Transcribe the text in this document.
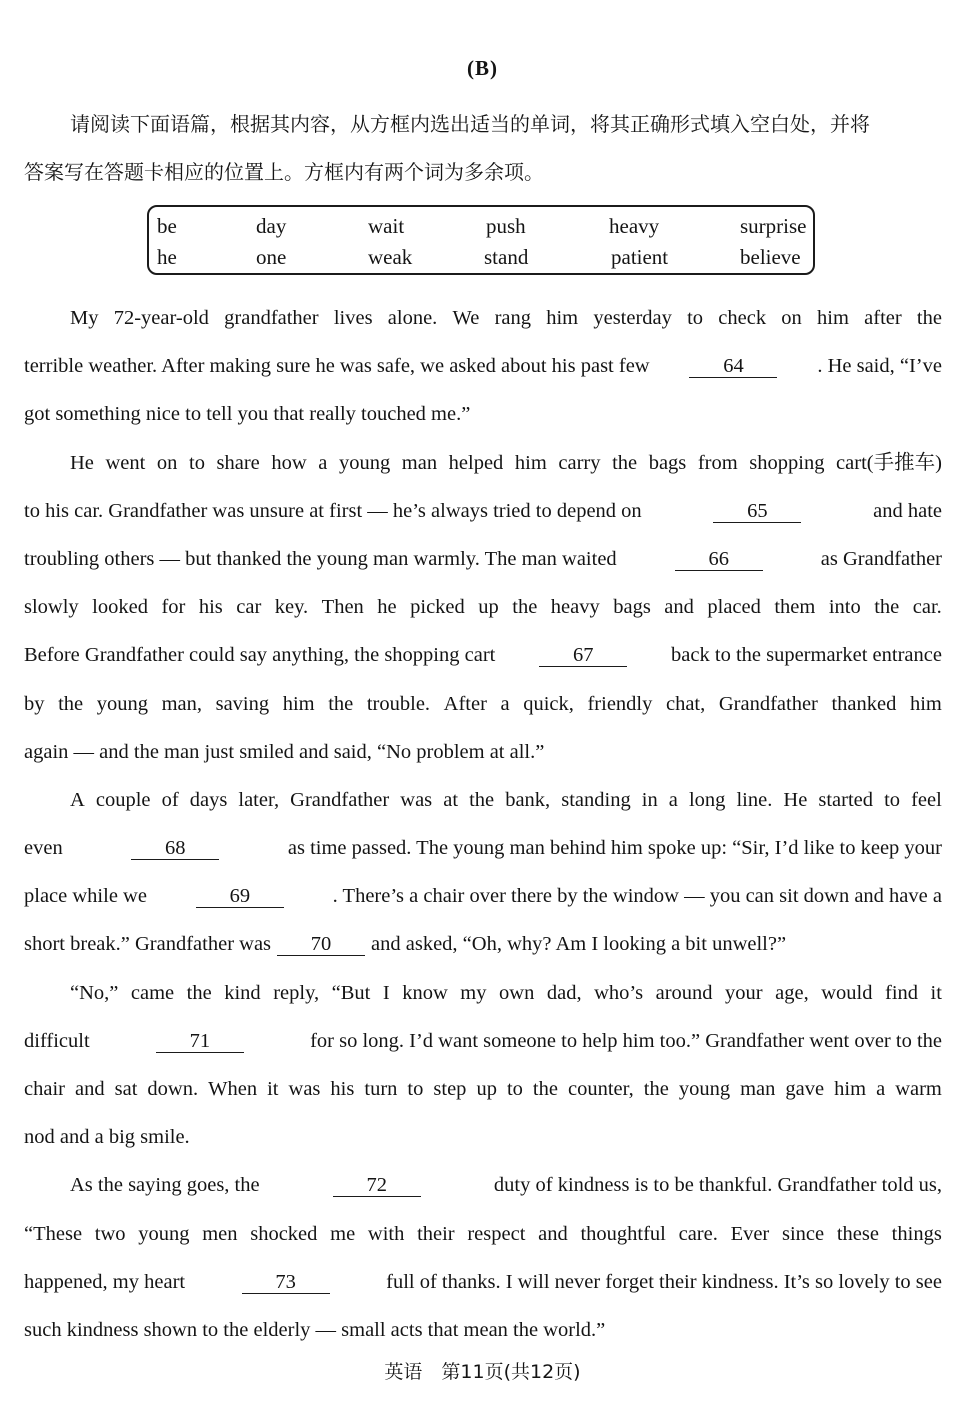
(B)
请阅读下面语篇，根据其内容，从方框内选出适当的单词，将其正确形式填入空白处，并将
答案写在答题卡相应的位置上。方框内有两个词为多余项。
be	day	wait	push	heavy	surprise
he	one	weak	stand	patient	believe
My 72-year-old grandfather lives alone. We rang him yesterday to check on him after the
terrible weather. After making sure he was safe, we asked about his past few	64	. He said, “I’ve
got something nice to tell you that really touched me.”
He went on to share how a young man helped him carry the bags from shopping cart(手推车)
to his car. Grandfather was unsure at first — he’s always tried to depend on	65	and hate
troubling others — but thanked the young man warmly. The man waited	66	as Grandfather
slowly looked for his car key. Then he picked up the heavy bags and placed them into the car.
Before Grandfather could say anything, the shopping cart	67	back to the supermarket entrance
by the young man, saving him the trouble. After a quick, friendly chat, Grandfather thanked him
again — and the man just smiled and said, “No problem at all.”
A couple of days later, Grandfather was at the bank, standing in a long line. He started to feel
even	68	as time passed. The young man behind him spoke up: “Sir, I’d like to keep your
place while we	69	. There’s a chair over there by the window — you can sit down and have a
short break.” Grandfather was	70	and asked, “Oh, why? Am I looking a bit unwell?”
“No,” came the kind reply, “But I know my own dad, who’s around your age, would find it
difficult	71	for so long. I’d want someone to help him too.” Grandfather went over to the
chair and sat down. When it was his turn to step up to the counter, the young man gave him a warm
nod and a big smile.
As the saying goes, the	72	duty of kindness is to be thankful. Grandfather told us,
“These two young men shocked me with their respect and thoughtful care. Ever since these things
happened, my heart	73	full of thanks. I will never forget their kindness. It’s so lovely to see
such kindness shown to the elderly — small acts that mean the world.”
英语　第11页(共12页)
